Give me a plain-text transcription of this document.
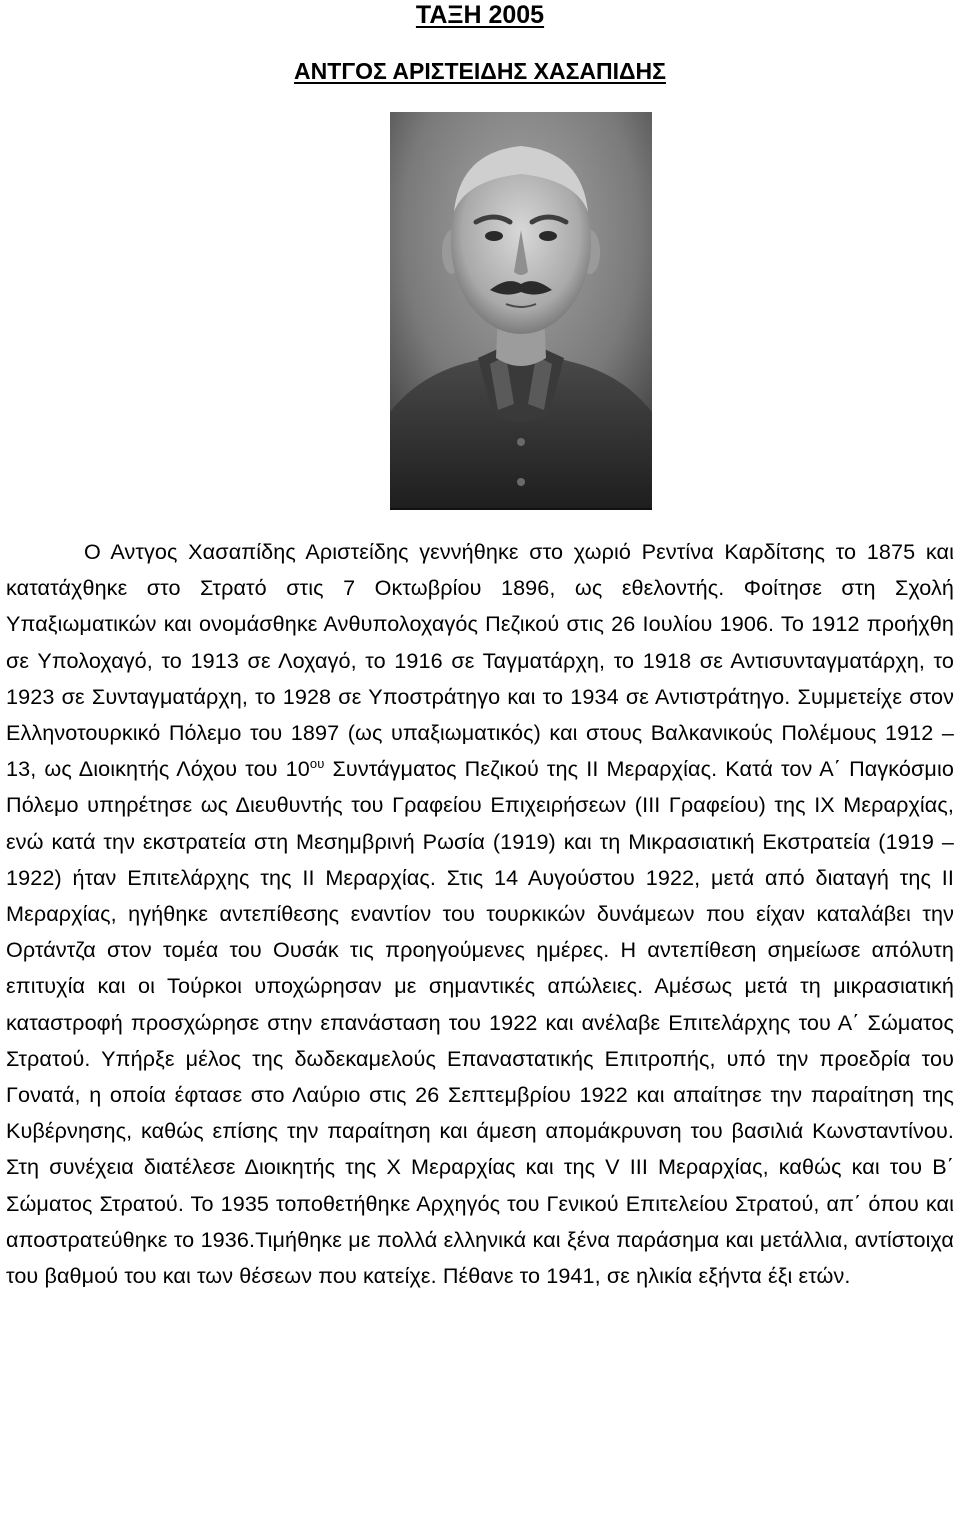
ΤΑΞΗ 2005
ΑΝΤΓΟΣ ΑΡΙΣΤΕΙΔΗΣ ΧΑΣΑΠΙΔΗΣ

Ο Αντγος Χασαπίδης Αριστείδης γεννήθηκε στο χωριό Ρεντίνα Καρδίτσης το 1875 και κατατάχθηκε στο Στρατό στις 7 Οκτωβρίου 1896, ως εθελοντής. Φοίτησε στη Σχολή Υπαξιωματικών και ονομάσθηκε Ανθυπολοχαγός Πεζικού στις 26 Ιουλίου 1906. Το 1912 προήχθη σε Υπολοχαγό, το 1913 σε Λοχαγό, το 1916 σε Ταγματάρχη, το 1918 σε Αντισυνταγματάρχη, το 1923 σε Συνταγματάρχη, το 1928 σε Υποστράτηγο και το 1934 σε Αντιστράτηγο. Συμμετείχε στον Ελληνοτουρκικό Πόλεμο του 1897 (ως υπαξιωματικός) και στους Βαλκανικούς Πολέμους 1912 – 13, ως Διοικητής Λόχου του $10^{o\upsilon}$ Συντάγματος Πεζικού της ΙΙ Μεραρχίας. Κατά τον Α΄ Παγκόσμιο Πόλεμο υπηρέτησε ως Διευθυντής του Γραφείου Επιχειρήσεων (ΙΙΙ Γραφείου) της ΙΧ Μεραρχίας, ενώ κατά την εκστρατεία στη Μεσημβρινή Ρωσία (1919) και τη Μικρασιατική Εκστρατεία (1919 – 1922) ήταν Επιτελάρχης της ΙΙ Μεραρχίας. Στις 14 Αυγούστου 1922, μετά από διαταγή της ΙΙ Μεραρχίας, ηγήθηκε αντεπίθεσης εναντίον του τουρκικών δυνάμεων που είχαν καταλάβει την Ορτάντζα στον τομέα του Ουσάκ τις προηγούμενες ημέρες. Η αντεπίθεση σημείωσε απόλυτη επιτυχία και οι Τούρκοι υποχώρησαν με σημαντικές απώλειες. Αμέσως μετά τη μικρασιατική καταστροφή προσχώρησε στην επανάσταση του 1922 και ανέλαβε Επιτελάρχης του Α΄ Σώματος Στρατού. Υπήρξε μέλος της δωδεκαμελούς Επαναστατικής Επιτροπής, υπό την προεδρία του Γονατά, η οποία έφτασε στο Λαύριο στις 26 Σεπτεμβρίου 1922 και απαίτησε την παραίτηση της Κυβέρνησης, καθώς επίσης την παραίτηση και άμεση απομάκρυνση του βασιλιά Κωνσταντίνου. Στη συνέχεια διατέλεσε Διοικητής της Χ Μεραρχίας και της V ΙΙΙ Μεραρχίας, καθώς και του Β΄ Σώματος Στρατού. Το 1935 τοποθετήθηκε Αρχηγός του Γενικού Επιτελείου Στρατού, απ΄ όπου και αποστρατεύθηκε το 1936.Τιμήθηκε με πολλά ελληνικά και ξένα παράσημα και μετάλλια, αντίστοιχα του βαθμού του και των θέσεων που κατείχε. Πέθανε το 1941, σε ηλικία εξήντα έξι ετών.
